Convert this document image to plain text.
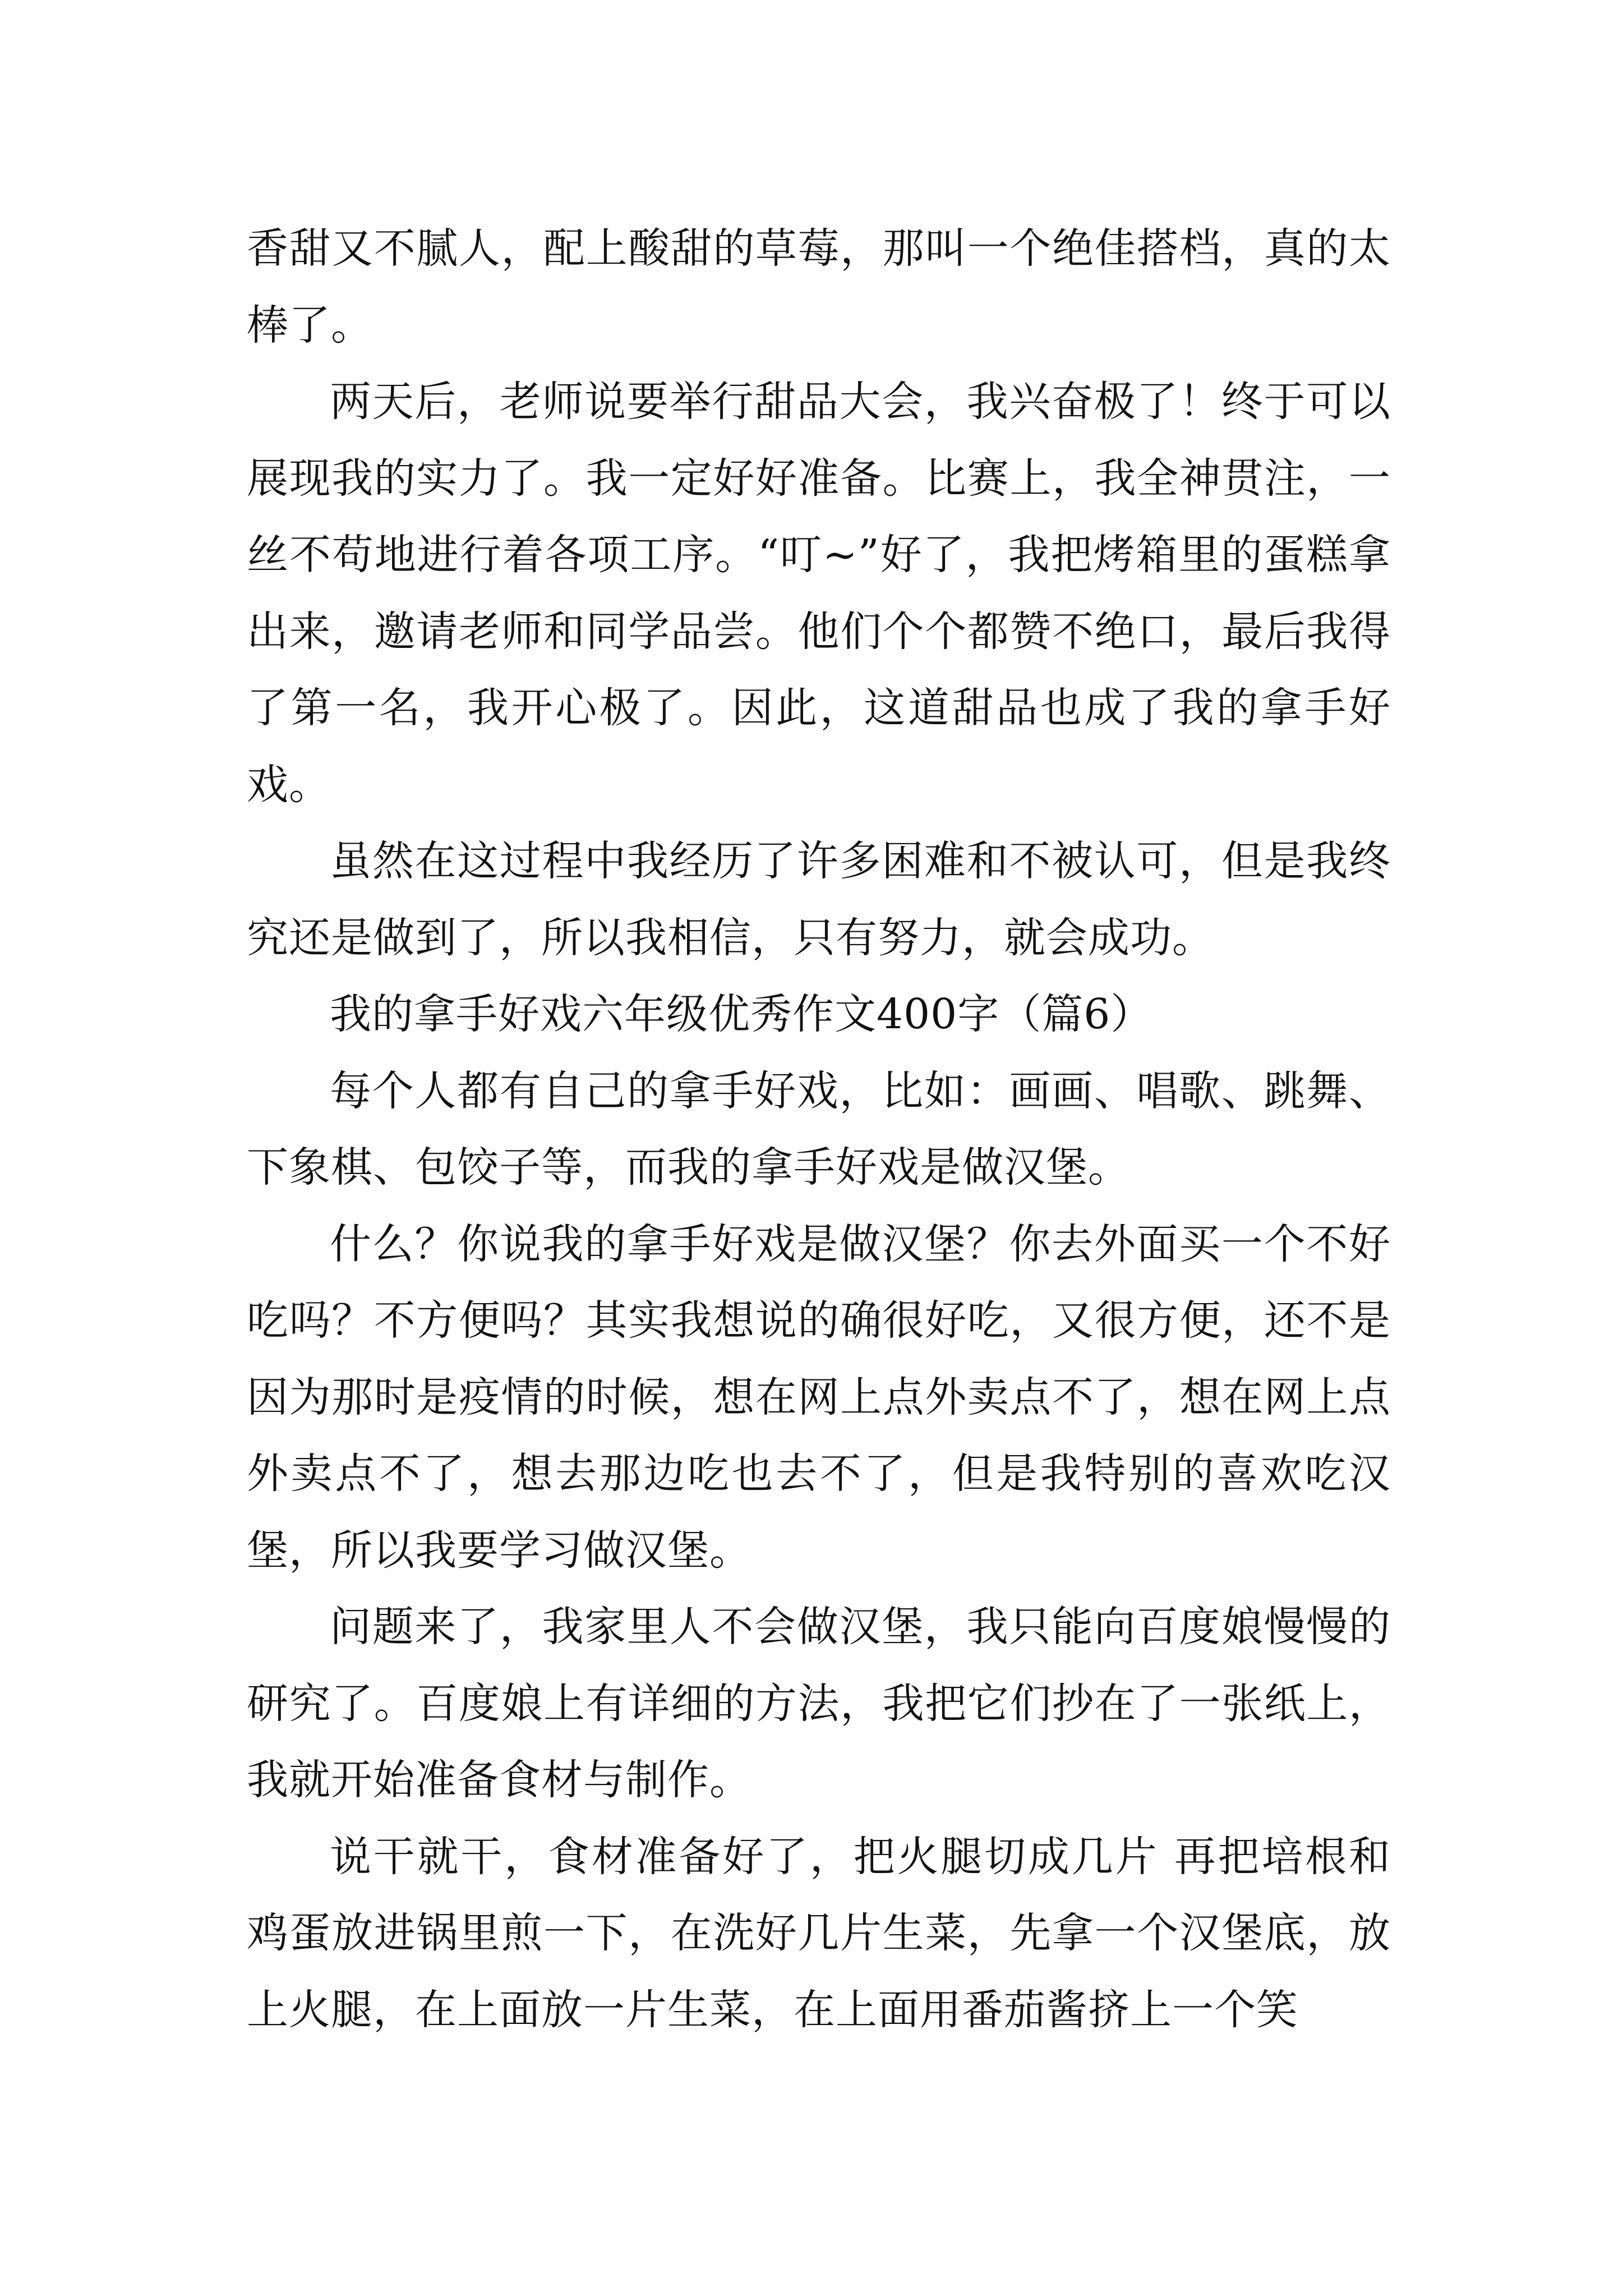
香甜又不腻人，配上酸甜的草莓，那叫一个绝佳搭档，真的太棒了。

两天后，老师说要举行甜品大会，我兴奋极了！终于可以展现我的实力了。我一定好好准备。比赛上，我全神贯注，一丝不苟地进行着各项工序。“叮~”好了，我把烤箱里的蛋糕拿出来，邀请老师和同学品尝。他们个个都赞不绝口，最后我得了第一名，我开心极了。因此，这道甜品也成了我的拿手好戏。

虽然在这过程中我经历了许多困难和不被认可，但是我终究还是做到了，所以我相信，只有努力，就会成功。

我的拿手好戏六年级优秀作文400字（篇6）

每个人都有自己的拿手好戏，比如：画画、唱歌、跳舞、下象棋、包饺子等，而我的拿手好戏是做汉堡。

什么？你说我的拿手好戏是做汉堡？你去外面买一个不好吃吗？不方便吗？其实我想说的确很好吃，又很方便，还不是因为那时是疫情的时候，想在网上点外卖点不了，想在网上点外卖点不了，想去那边吃也去不了，但是我特别的喜欢吃汉堡，所以我要学习做汉堡。

问题来了，我家里人不会做汉堡，我只能向百度娘慢慢的研究了。百度娘上有详细的方法，我把它们抄在了一张纸上，我就开始准备食材与制作。

说干就干，食材准备好了，把火腿切成几片 再把培根和鸡蛋放进锅里煎一下，在洗好几片生菜，先拿一个汉堡底，放上火腿，在上面放一片生菜，在上面用番茄酱挤上一个笑
